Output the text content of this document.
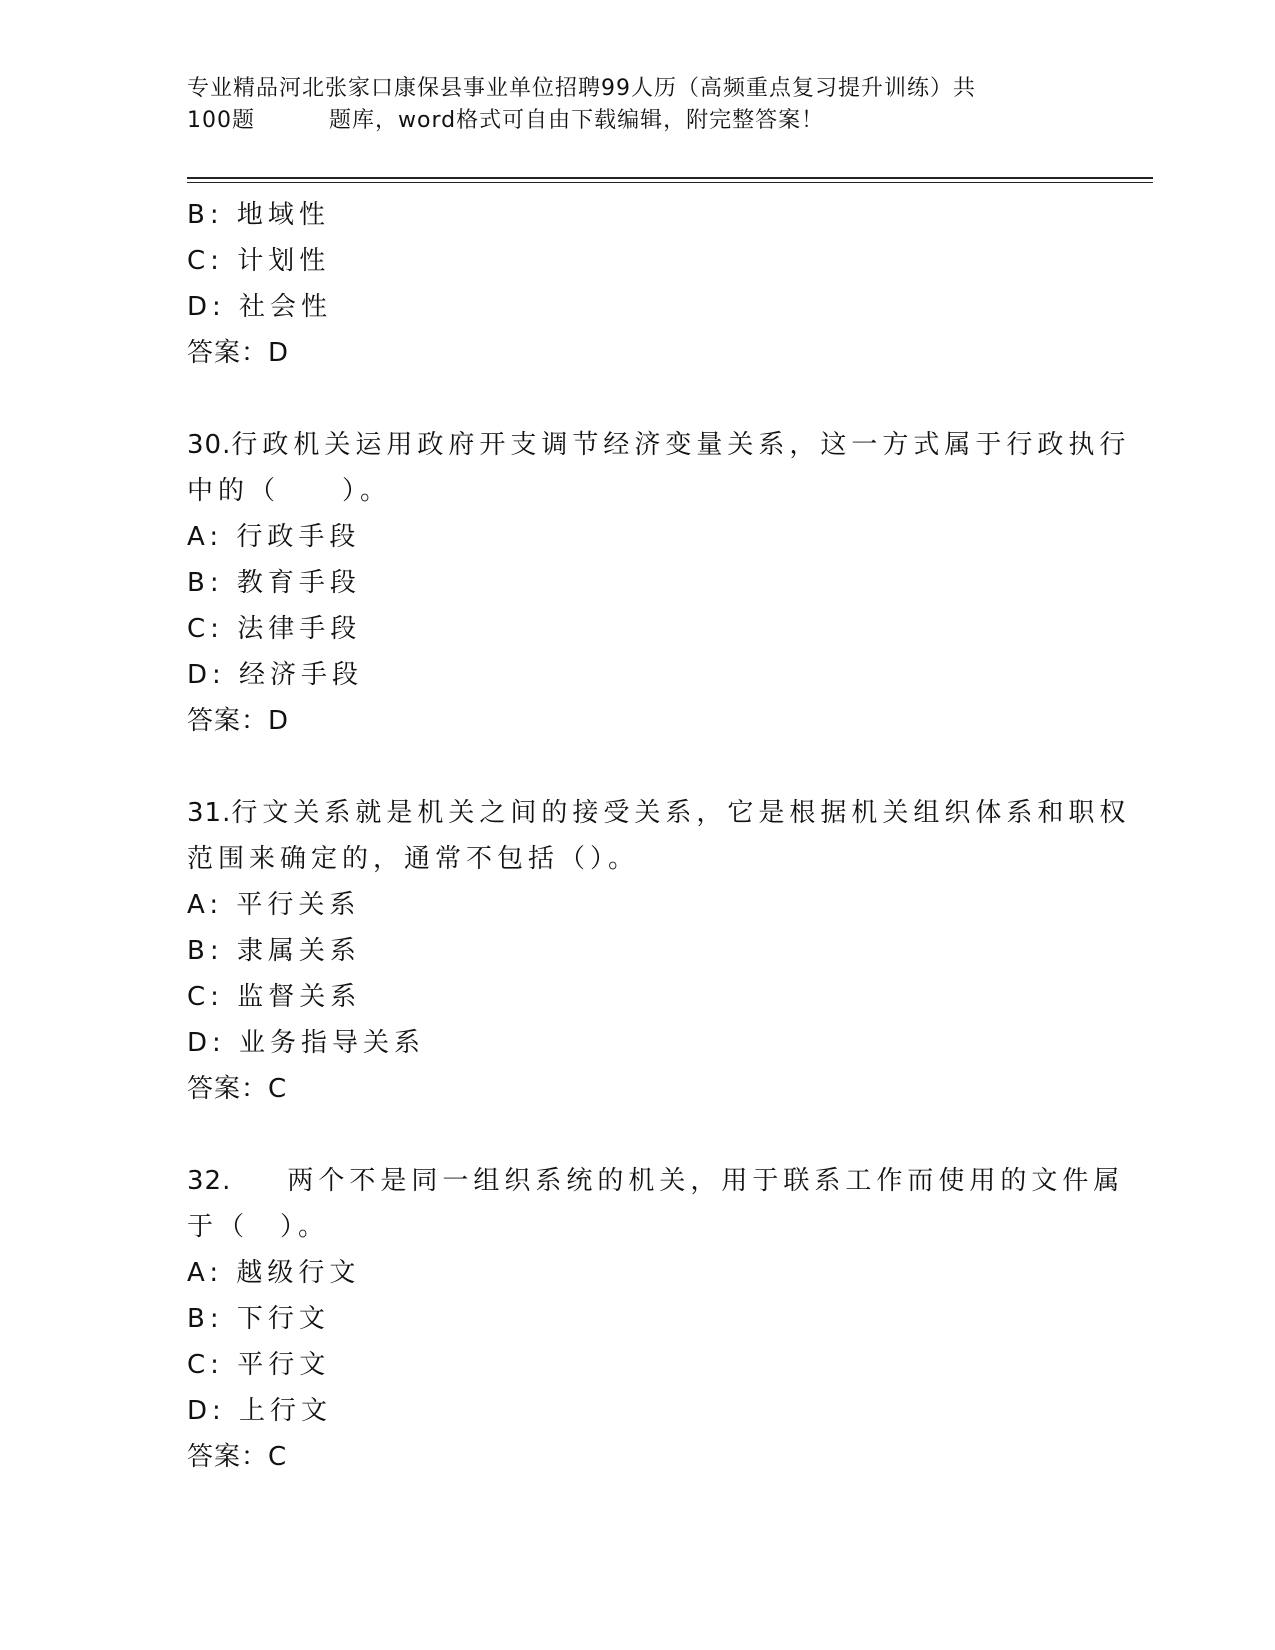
专业精品河北张家口康保县事业单位招聘99人历（高频重点复习提升训练）共
100题	题库，word格式可自由下载编辑，附完整答案！
B: 地域性
C: 计划性
D: 社会性
答案：D
30.行政机关运用政府开支调节经济变量关系，这一方式属于行政执行
中的（　　）。
A: 行政手段
B: 教育手段
C: 法律手段
D: 经济手段
答案：D
31.行文关系就是机关之间的接受关系，它是根据机关组织体系和职权
范围来确定的，通常不包括（）。
A: 平行关系
B: 隶属关系
C: 监督关系
D: 业务指导关系
答案：C
32. 两个不是同一组织系统的机关，用于联系工作而使用的文件属
于（　）。
A: 越级行文
B: 下行文
C: 平行文
D: 上行文
答案：C
